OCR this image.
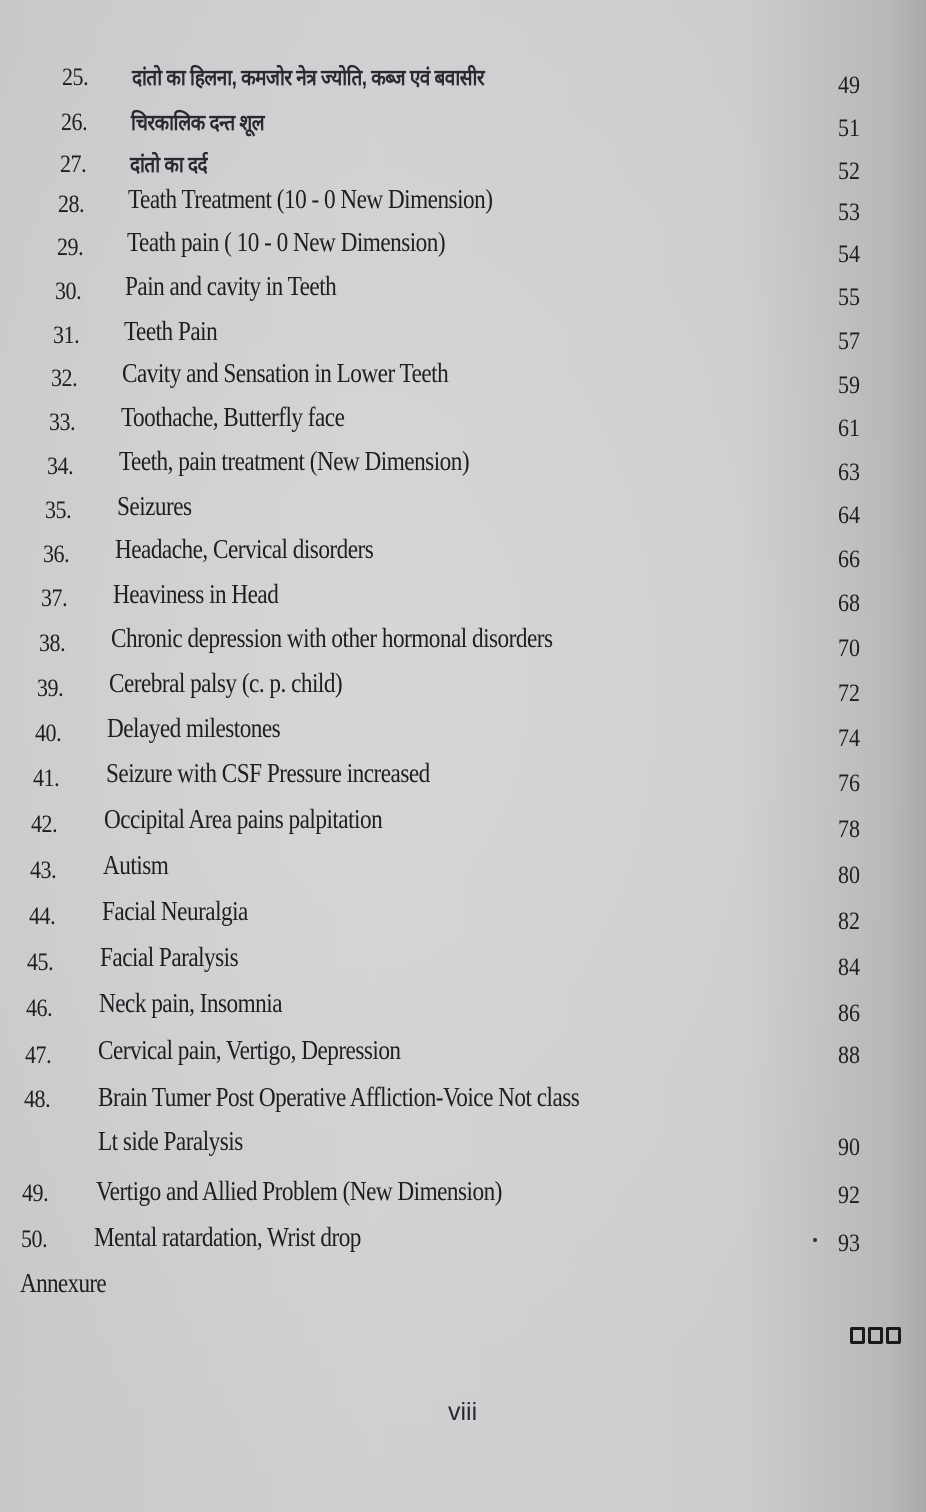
25. दांतो का हिलना, कमजोर नेत्र ज्योति, कब्ज एवं बवासीर	49
26. चिरकालिक दन्त शूल	51
27. दांतो का दर्द	52
28. Teath Treatment (10 - 0 New Dimension)	53
29. Teath pain ( 10 - 0 New Dimension)	54
30. Pain and cavity in Teeth	55
31. Teeth Pain	57
32. Cavity and Sensation in Lower Teeth	59
33. Toothache, Butterfly face	61
34. Teeth, pain treatment (New Dimension)	63
35. Seizures	64
36. Headache, Cervical disorders	66
37. Heaviness in Head	68
38. Chronic depression with other hormonal disorders	70
39. Cerebral palsy (c. p. child)	72
40. Delayed milestones	74
41. Seizure with CSF Pressure increased	76
42. Occipital Area pains palpitation	78
43. Autism	80
44. Facial Neuralgia	82
45. Facial Paralysis	84
46. Neck pain, Insomnia	86
47. Cervical pain, Vertigo, Depression	88
48. Brain Tumer Post Operative Affliction-Voice Not class
Lt side Paralysis	90
49. Vertigo and Allied Problem (New Dimension)	92
50. Mental ratardation, Wrist drop	93
Annexure
viii
